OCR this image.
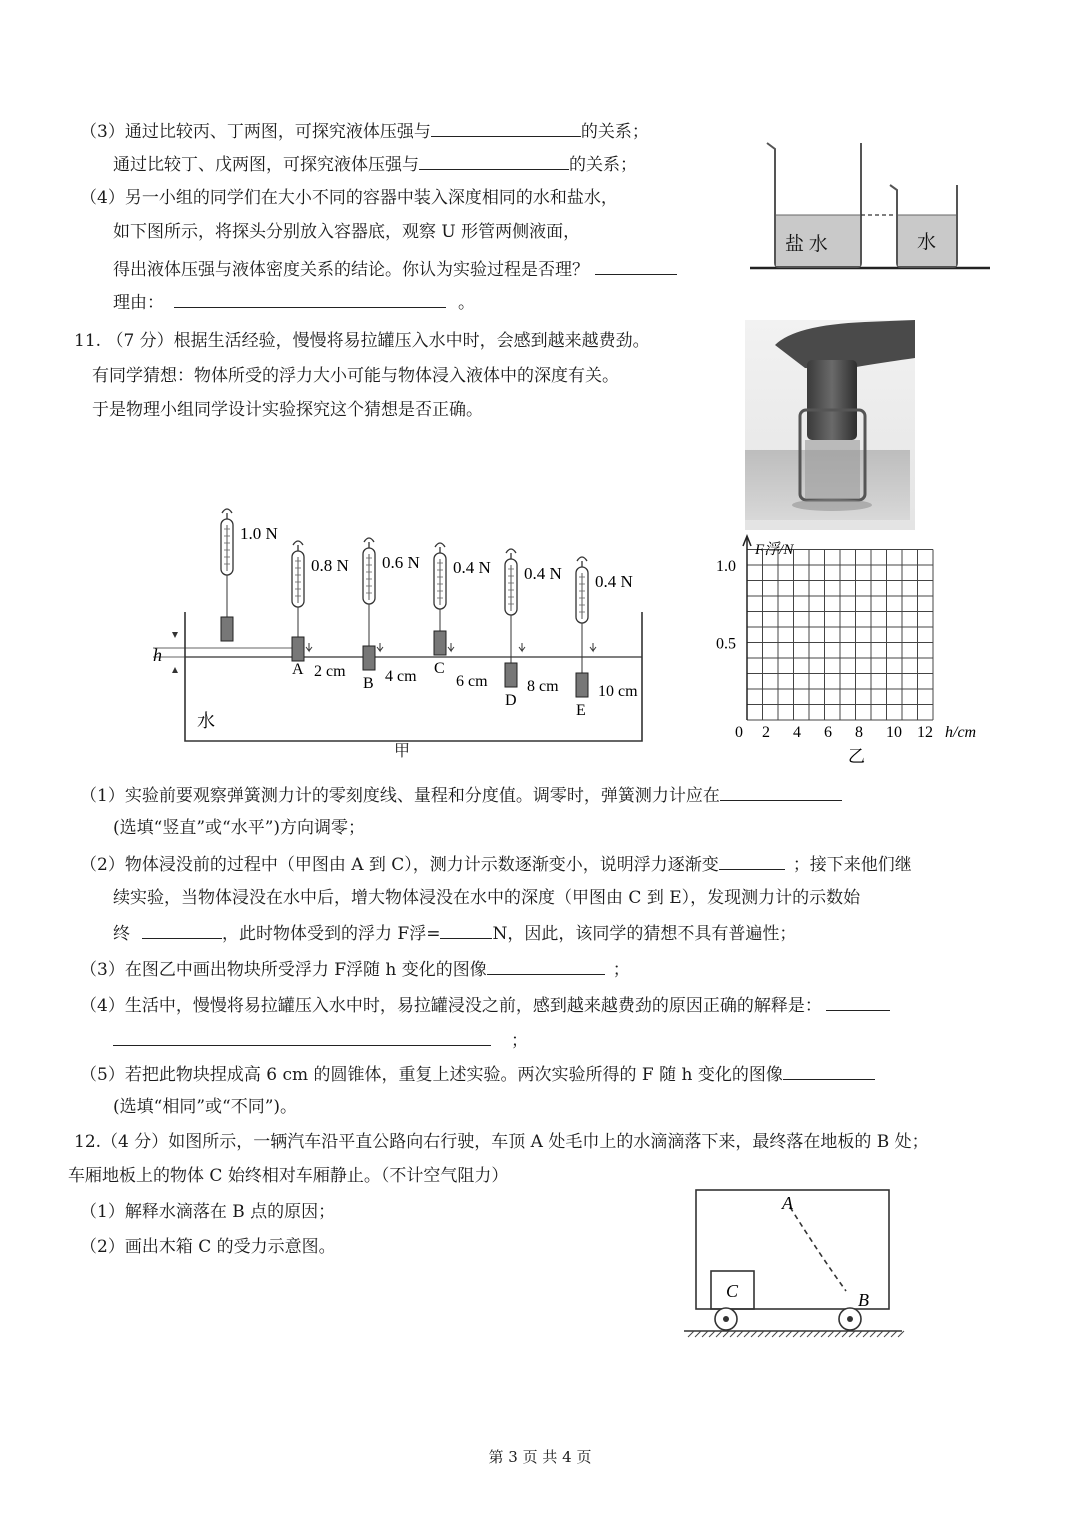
（3）通过比较丙、丁两图，可探究液体压强与	的关系；
通过比较丁、戊两图，可探究液体压强与	的关系；
（4）另一小组的同学们在大小不同的容器中装入深度相同的水和盐水，
如下图所示，将探头分别放入容器底，观察 U 形管两侧液面，
得出液体压强与液体密度关系的结论。你认为实验过程是否理？
理由：	。
盐 水	水
11. （7 分）根据生活经验，慢慢将易拉罐压入水中时，会感到越来越费劲。
有同学猜想：物体所受的浮力大小可能与物体浸入液体中的深度有关。
于是物理小组同学设计实验探究这个猜想是否正确。
h
水
1.0 N
0.8 N
A 2 cm
0.6 N
B 4 cm
0.4 N
C
6 cm
0.4 N
D
8 cm
0.4 N
E
10 cm
甲
F浮/N
1.0
0.5
0 2 4 6 8 10 12 h/cm
乙
（1）实验前要观察弹簧测力计的零刻度线、量程和分度值。调零时，弹簧测力计应在
(选填“竖直”或“水平”)方向调零；
（2）物体浸没前的过程中（甲图由 A 到 C），测力计示数逐渐变小，说明浮力逐渐变	；接下来他们继
续实验，当物体浸没在水中后，增大物体浸没在水中的深度（甲图由 C 到 E），发现测力计的示数始
终	，此时物体受到的浮力 F浮=	N，因此，该同学的猜想不具有普遍性；
（3）在图乙中画出物块所受浮力 F浮随 h 变化的图像	；
（4）生活中，慢慢将易拉罐压入水中时，易拉罐浸没之前，感到越来越费劲的原因正确的解释是：
；
（5）若把此物块捏成高 6 cm 的圆锥体，重复上述实验。两次实验所得的 F 随 h 变化的图像
(选填“相同”或“不同”)。
12.（4 分）如图所示，一辆汽车沿平直公路向右行驶，车顶 A 处毛巾上的水滴滴落下来，最终落在地板的 B 处；
车厢地板上的物体 C 始终相对车厢静止。（不计空气阻力）
（1）解释水滴落在 B 点的原因；
（2）画出木箱 C 的受力示意图。
A
B
C
第 3 页 共 4 页
